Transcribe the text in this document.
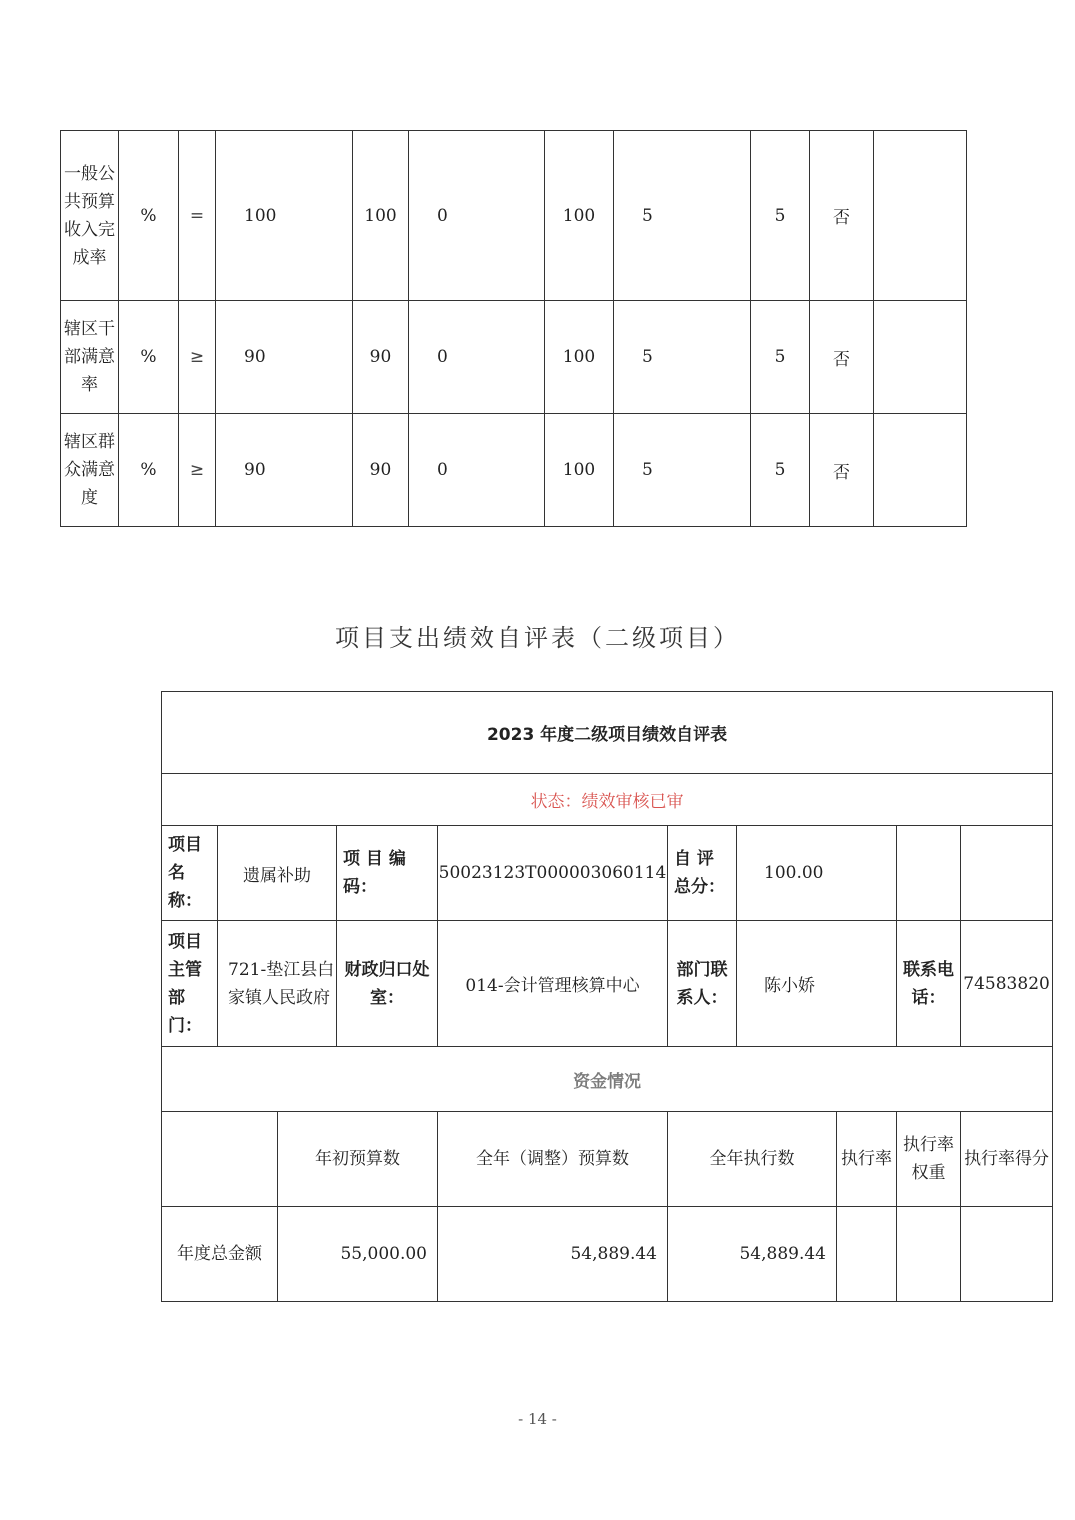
一般公共预算收入完成率	%	=	100	100	0	100	5	5	否	
辖区干部满意率	%	≥	90	90	0	100	5	5	否	
辖区群众满意度	%	≥	90	90	0	100	5	5	否	
项目支出绩效自评表（二级项目）
2023 年度二级项目绩效自评表									
状态：绩效审核已审									
项目名称：	遗属补助		项 目 编码：	50023123T000003060114	自 评总分：	100.00			
项目主管部门：	721-垫江县白家镇人民政府		财政归口处室：	014-会计管理核算中心	部门联系人：	陈小娇		联系电话：	74583820
资金情况									
		年初预算数		全年（调整）预算数	全年执行数		执行率	执行率权重	执行率得分
年度总金额		55,000.00		54,889.44	54,889.44				
- 14 -
